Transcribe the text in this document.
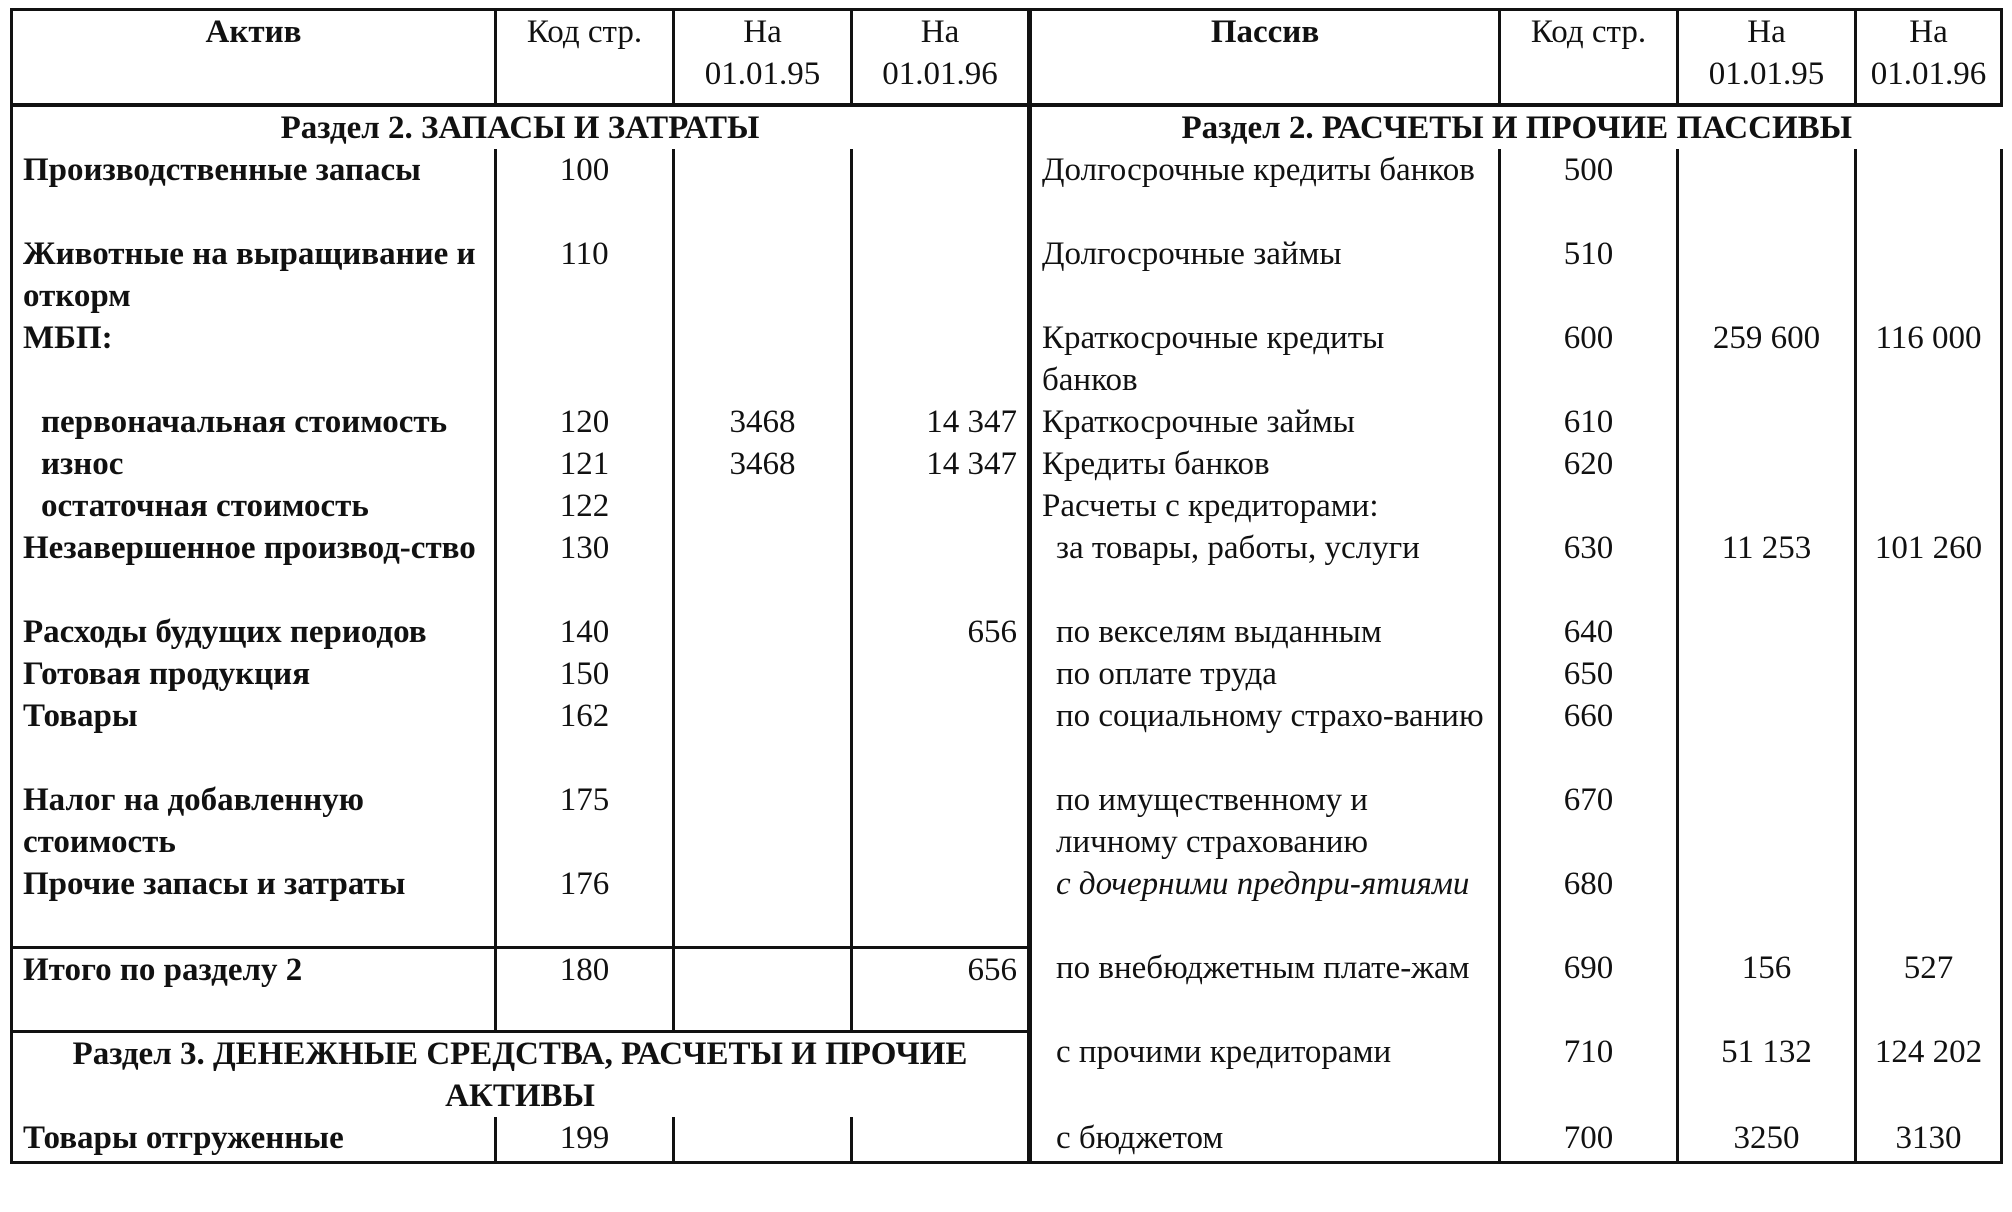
Актив	Код стр.	На 01.01.95	На 01.01.96	Пассив	Код стр.	На 01.01.95	На 01.01.96
Раздел 2. ЗАПАСЫ И ЗАТРАТЫ				Раздел 2. РАСЧЕТЫ И ПРОЧИЕ ПАССИВЫ			
Производственные запасы	100			Долгосрочные кредиты банков	500		
Животные на выращивание и откорм	110			Долгосрочные займы	510		
МБП:				Краткосрочные кредиты банков	600	259 600	116 000
первоначальная стоимость	120	3468	14 347	Краткосрочные займы	610		
износ	121	3468	14 347	Кредиты банков	620		
остаточная стоимость	122			Расчеты с кредиторами:			
Незавершенное производ-ство	130			за товары, работы, услуги	630	11 253	101 260
Расходы будущих периодов	140		656	по векселям выданным	640		
Готовая продукция	150			по оплате труда	650		
Товары	162			по социальному страхо-ванию	660		
Налог на добавленную стоимость	175			по имущественному и личному страхованию	670		
Прочие запасы и затраты	176			с дочерними предпри-ятиями	680		
Итого по разделу 2	180		656	по внебюджетным плате-жам	690	156	527
Раздел 3. ДЕНЕЖНЫЕ СРЕДСТВА, РАСЧЕТЫ И ПРОЧИЕ АКТИВЫ				с прочими кредиторами	710	51 132	124 202
Товары отгруженные	199			с бюджетом	700	3250	3130
